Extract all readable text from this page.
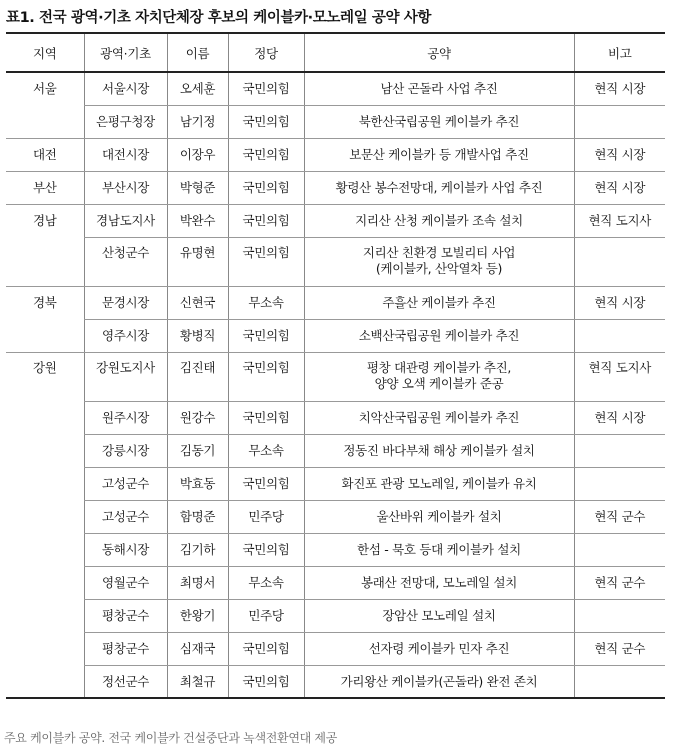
표1. 전국 광역·기초 자치단체장 후보의 케이블카·모노레일 공약 사항
지역	광역·기초	이름	정당	공약	비고
서울	서울시장	오세훈	국민의힘	남산 곤돌라 사업 추진	현직 시장
	은평구청장	남기정	국민의힘	북한산국립공원 케이블카 추진	

대전	대전시장	이장우	국민의힘	보문산 케이블카 등 개발사업 추진	현직 시장
부산	부산시장	박형준	국민의힘	황령산 봉수전망대, 케이블카 사업 추진	현직 시장
경남	경남도지사	박완수	국민의힘	지리산 산청 케이블카 조속 설치	현직 도지사
	산청군수	유명현	국민의힘	지리산 친환경 모빌리티 사업
(케이블카, 산악열차 등)	

경북	문경시장	신현국	무소속	주흘산 케이블카 추진	현직 시장
	영주시장	황병직	국민의힘	소백산국립공원 케이블카 추진	

강원	강원도지사	김진태	국민의힘	평창 대관령 케이블카 추진,
양양 오색 케이블카 준공	현직 도지사
	원주시장	원강수	국민의힘	치악산국립공원 케이블카 추진	현직 시장
	강릉시장	김동기	무소속	정동진 바다부채 해상 케이블카 설치	

	고성군수	박효동	국민의힘	화진포 관광 모노레일, 케이블카 유치	

	고성군수	함명준	민주당	울산바위 케이블카 설치	현직 군수
	동해시장	김기하	국민의힘	한섬 - 묵호 등대 케이블카 설치	

	영월군수	최명서	무소속	봉래산 전망대, 모노레일 설치	현직 군수
	평창군수	한왕기	민주당	장암산 모노레일 설치	

	평창군수	심재국	국민의힘	선자령 케이블카 민자 추진	현직 군수
	정선군수	최철규	국민의힘	가리왕산 케이블카(곤돌라) 완전 존치	

주요 케이블카 공약. 전국 케이블카 건설중단과 녹색전환연대 제공
